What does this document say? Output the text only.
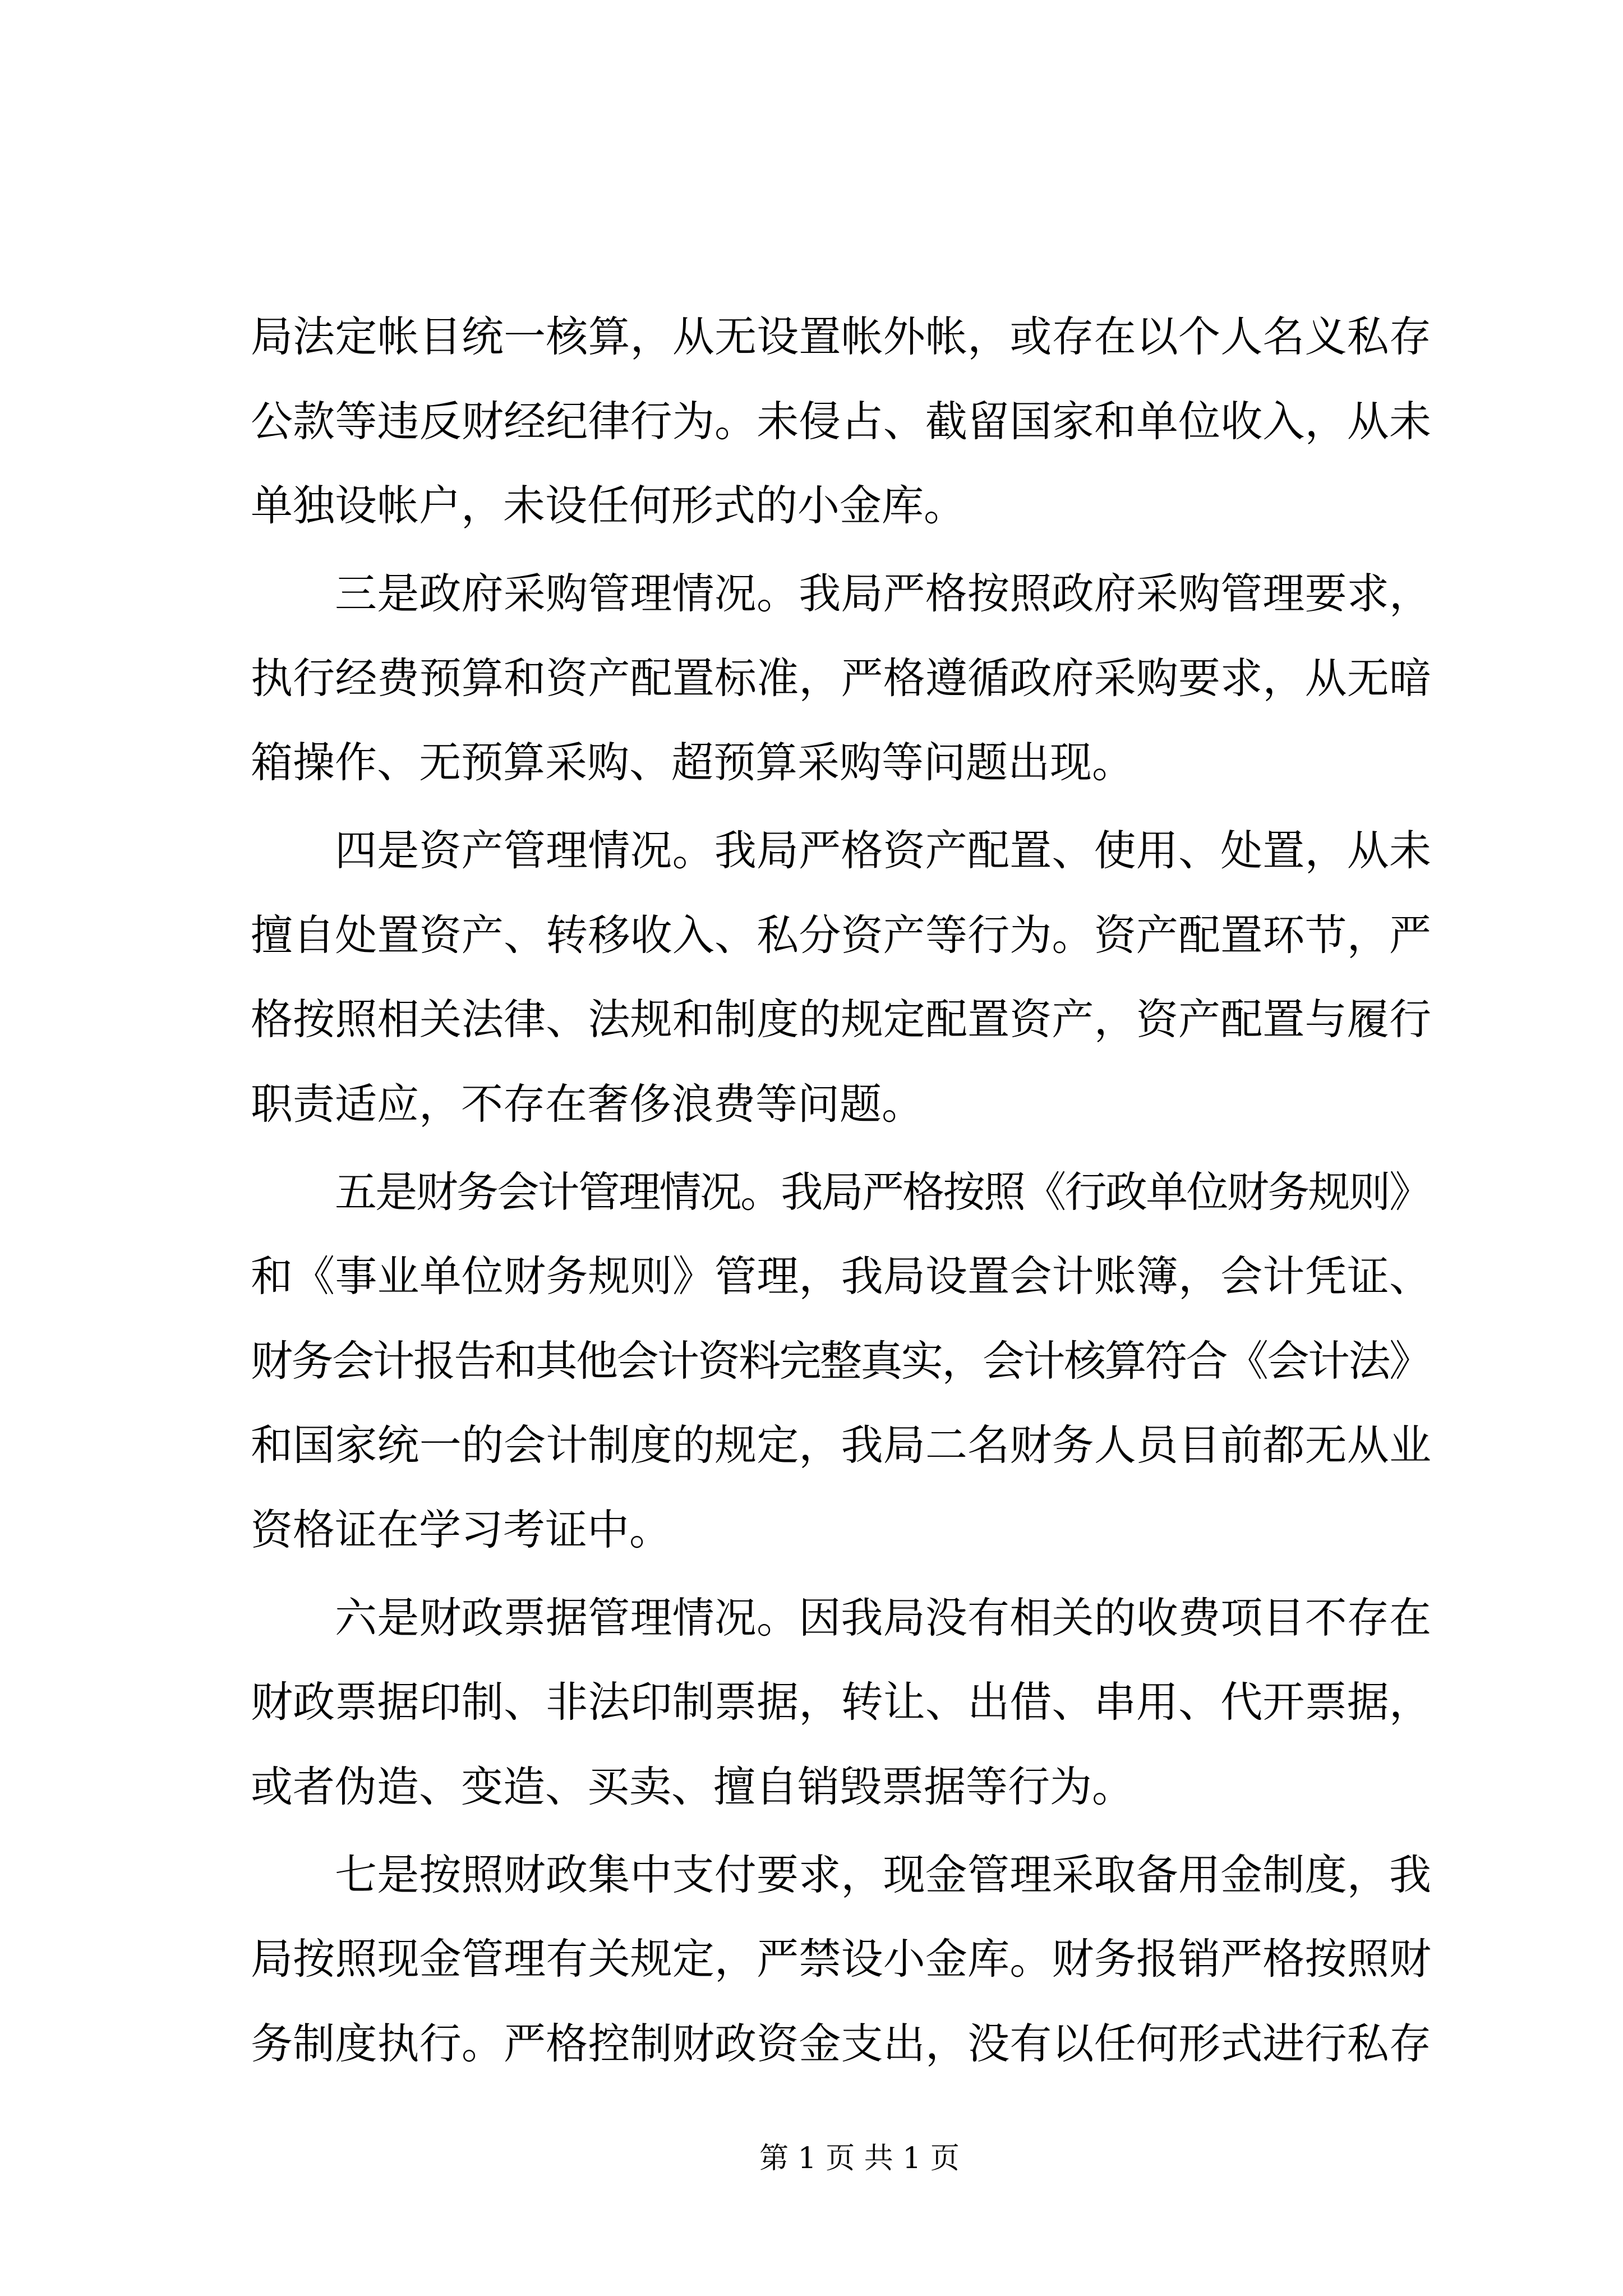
局法定帐目统一核算，从无设置帐外帐，或存在以个人名义私存
公款等违反财经纪律行为。未侵占、截留国家和单位收入，从未
单独设帐户，未设任何形式的小金库。
三是政府采购管理情况。我局严格按照政府采购管理要求，
执行经费预算和资产配置标准，严格遵循政府采购要求，从无暗
箱操作、无预算采购、超预算采购等问题出现。
四是资产管理情况。我局严格资产配置、使用、处置，从未
擅自处置资产、转移收入、私分资产等行为。资产配置环节，严
格按照相关法律、法规和制度的规定配置资产，资产配置与履行
职责适应，不存在奢侈浪费等问题。
五是财务会计管理情况。我局严格按照《行政单位财务规则》
和《事业单位财务规则》管理，我局设置会计账簿，会计凭证、
财务会计报告和其他会计资料完整真实，会计核算符合《会计法》
和国家统一的会计制度的规定，我局二名财务人员目前都无从业
资格证在学习考证中。
六是财政票据管理情况。因我局没有相关的收费项目不存在
财政票据印制、非法印制票据，转让、出借、串用、代开票据，
或者伪造、变造、买卖、擅自销毁票据等行为。
七是按照财政集中支付要求，现金管理采取备用金制度，我
局按照现金管理有关规定，严禁设小金库。财务报销严格按照财
务制度执行。严格控制财政资金支出，没有以任何形式进行私存
第 1 页 共 1 页
